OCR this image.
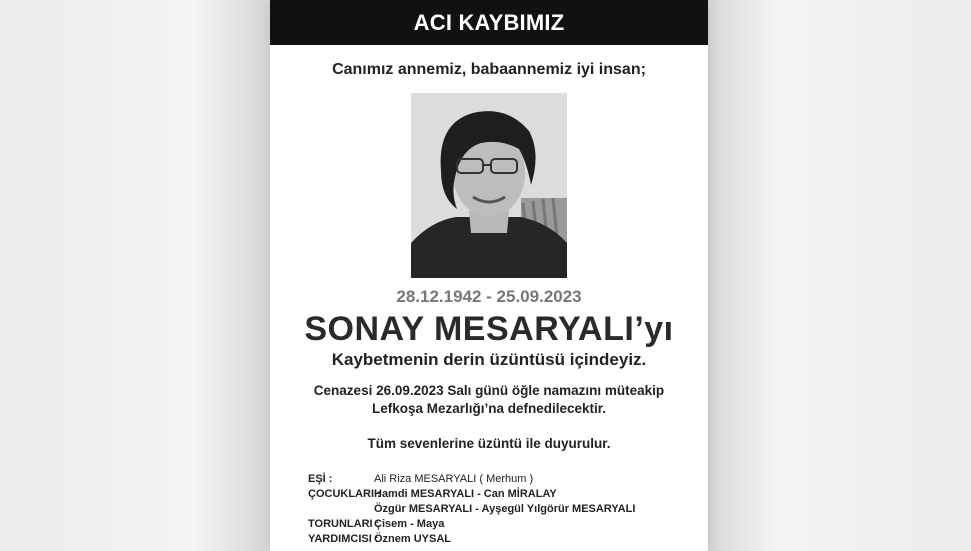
ACI KAYBIMIZ
Canımız annemiz, babaannemiz iyi insan;
28.12.1942 - 25.09.2023
SONAY MESARYALI’yı
Kaybetmenin derin üzüntüsü içindeyiz.
Cenazesi 26.09.2023 Salı günü öğle namazını müteakip
Lefkoşa Mezarlığı’na defnedilecektir.
Tüm sevenlerine üzüntü ile duyurulur.
EŞİ :	Ali Riza MESARYALI ( Merhum )
ÇOCUKLARI :
Hamdi MESARYALI - Can MİRALAY
Özgür MESARYALI - Ayşegül Yılgörür MESARYALI
TORUNLARI :
Çisem - Maya
YARDIMCISI :
Öznem UYSAL
